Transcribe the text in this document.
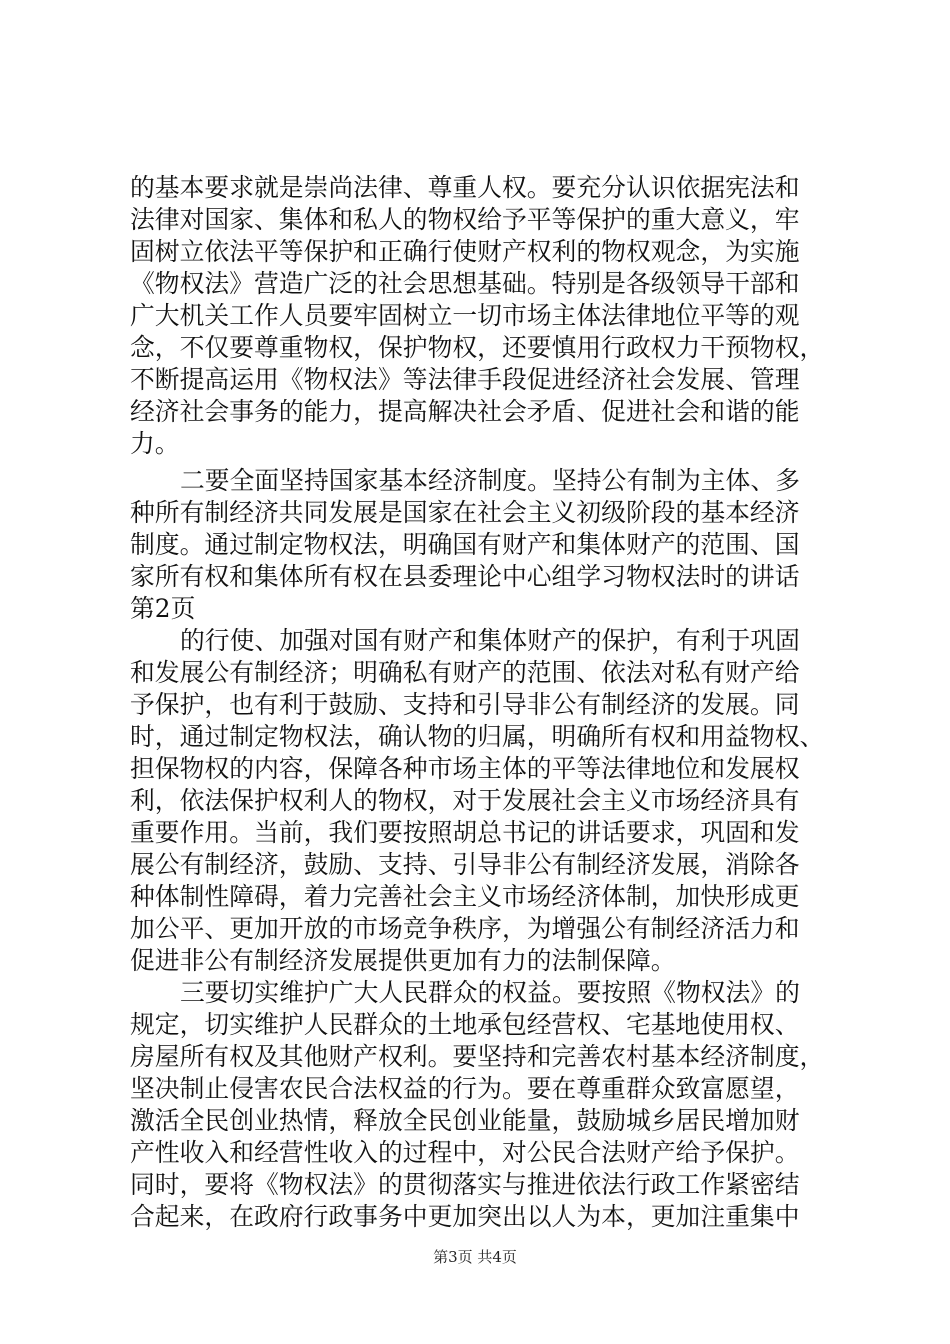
的基本要求就是崇尚法律、尊重人权。要充分认识依据宪法和
法律对国家、集体和私人的物权给予平等保护的重大意义，牢
固树立依法平等保护和正确行使财产权利的物权观念，为实施
《物权法》营造广泛的社会思想基础。特别是各级领导干部和
广大机关工作人员要牢固树立一切市场主体法律地位平等的观
念，不仅要尊重物权，保护物权，还要慎用行政权力干预物权，
不断提高运用《物权法》等法律手段促进经济社会发展、管理
经济社会事务的能力，提高解决社会矛盾、促进社会和谐的能
力。
二要全面坚持国家基本经济制度。坚持公有制为主体、多
种所有制经济共同发展是国家在社会主义初级阶段的基本经济
制度。通过制定物权法，明确国有财产和集体财产的范围、国
家所有权和集体所有权在县委理论中心组学习物权法时的讲话
第2页
的行使、加强对国有财产和集体财产的保护，有利于巩固
和发展公有制经济；明确私有财产的范围、依法对私有财产给
予保护，也有利于鼓励、支持和引导非公有制经济的发展。同
时，通过制定物权法，确认物的归属，明确所有权和用益物权、
担保物权的内容，保障各种市场主体的平等法律地位和发展权
利，依法保护权利人的物权，对于发展社会主义市场经济具有
重要作用。当前，我们要按照胡总书记的讲话要求，巩固和发
展公有制经济，鼓励、支持、引导非公有制经济发展，消除各
种体制性障碍，着力完善社会主义市场经济体制，加快形成更
加公平、更加开放的市场竞争秩序，为增强公有制经济活力和
促进非公有制经济发展提供更加有力的法制保障。
三要切实维护广大人民群众的权益。要按照《物权法》的
规定，切实维护人民群众的土地承包经营权、宅基地使用权、
房屋所有权及其他财产权利。要坚持和完善农村基本经济制度，
坚决制止侵害农民合法权益的行为。要在尊重群众致富愿望，
激活全民创业热情，释放全民创业能量，鼓励城乡居民增加财
产性收入和经营性收入的过程中，对公民合法财产给予保护。
同时，要将《物权法》的贯彻落实与推进依法行政工作紧密结
合起来，在政府行政事务中更加突出以人为本，更加注重集中
第3页 共4页
